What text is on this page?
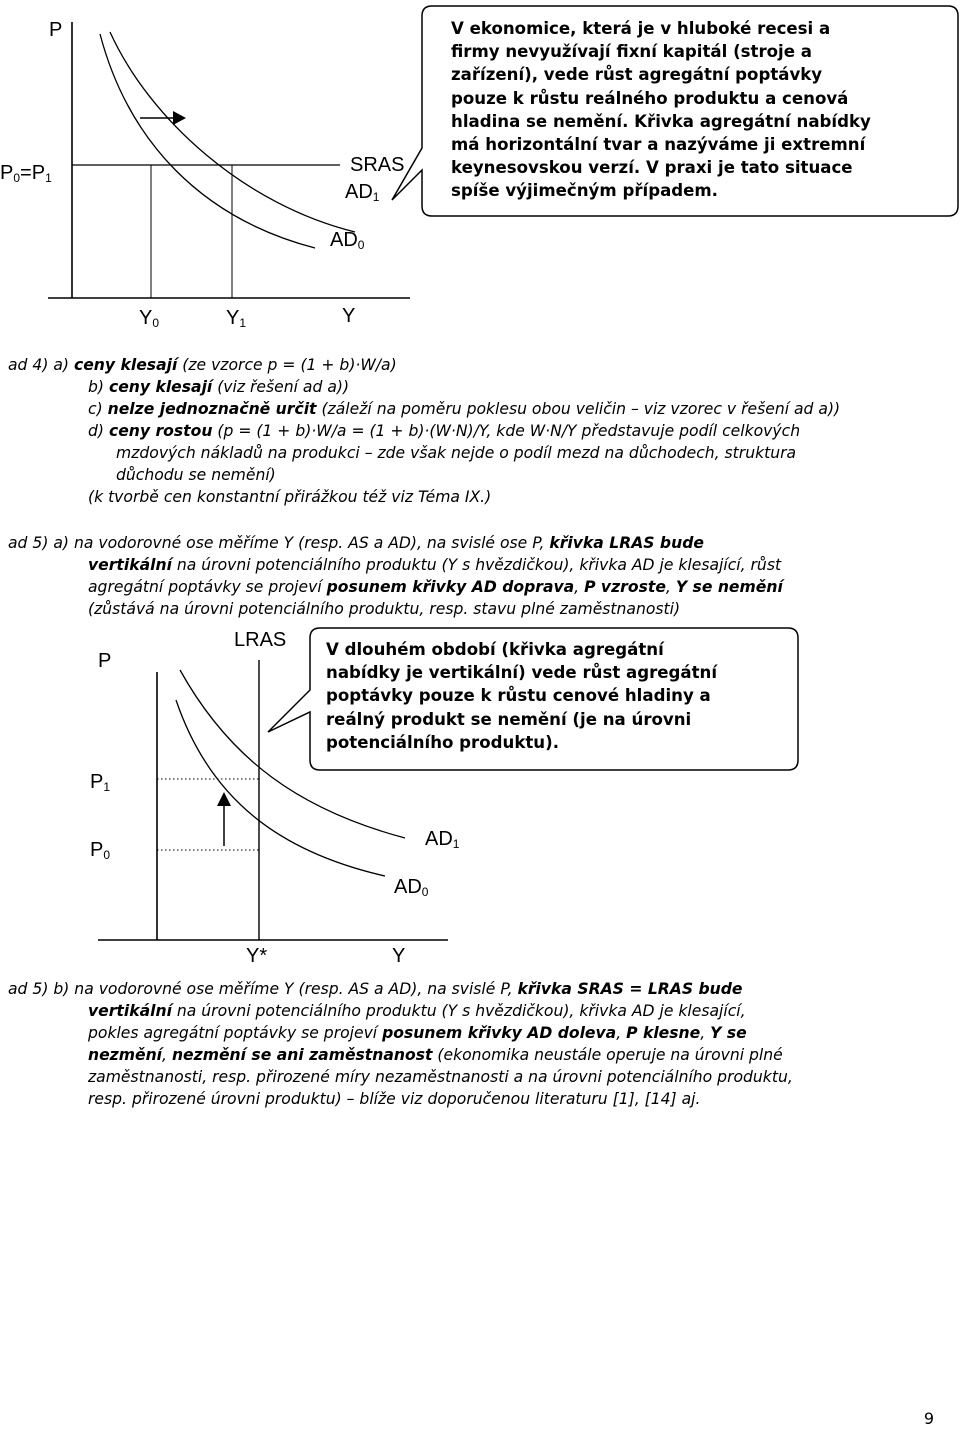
P
$P_0=P_1$
SRAS
$AD_1$
$AD_0$
$Y_0$	$Y_1$	Y
V ekonomice, která je v hluboké recesi a
firmy nevyužívají fixní kapitál (stroje a
zařízení), vede růst agregátní poptávky
pouze k růstu reálného produktu a cenová
hladina se nemění. Křivka agregátní nabídky
má horizontální tvar a nazýváme ji extremní
keynesovskou verzí. V praxi je tato situace
spíše výjimečným případem.
ad 4) a) ceny klesají (ze vzorce p = (1 + b)·W/a)
b) ceny klesají (viz řešení ad a))
c) nelze jednoznačně určit (záleží na poměru poklesu obou veličin – viz vzorec v řešení ad a))
d) ceny rostou (p = (1 + b)·W/a = (1 + b)·(W·N)/Y, kde W·N/Y představuje podíl celkových
mzdových nákladů na produkci – zde však nejde o podíl mezd na důchodech, struktura
důchodu se nemění)
(k tvorbě cen konstantní přirážkou též viz Téma IX.)
ad 5) a) na vodorovné ose měříme Y (resp. AS a AD), na svislé ose P, křivka LRAS bude
vertikální na úrovni potenciálního produktu (Y s hvězdičkou), křivka AD je klesající, růst
agregátní poptávky se projeví posunem křivky AD doprava, P vzroste, Y se nemění
(zůstává na úrovni potenciálního produktu, resp. stavu plné zaměstnanosti)
LRAS
P
$P_1$
$P_0$
$AD_1$
$AD_0$
Y*	Y
V dlouhém období (křivka agregátní
nabídky je vertikální) vede růst agregátní
poptávky pouze k růstu cenové hladiny a
reálný produkt se nemění (je na úrovni
potenciálního produktu).
ad 5) b) na vodorovné ose měříme Y (resp. AS a AD), na svislé P, křivka SRAS = LRAS bude
vertikální na úrovni potenciálního produktu (Y s hvězdičkou), křivka AD je klesající,
pokles agregátní poptávky se projeví posunem křivky AD doleva, P klesne, Y se
nezmění, nezmění se ani zaměstnanost (ekonomika neustále operuje na úrovni plné
zaměstnanosti, resp. přirozené míry nezaměstnanosti a na úrovni potenciálního produktu,
resp. přirozené úrovni produktu) – blíže viz doporučenou literaturu [1], [14] aj.
9
